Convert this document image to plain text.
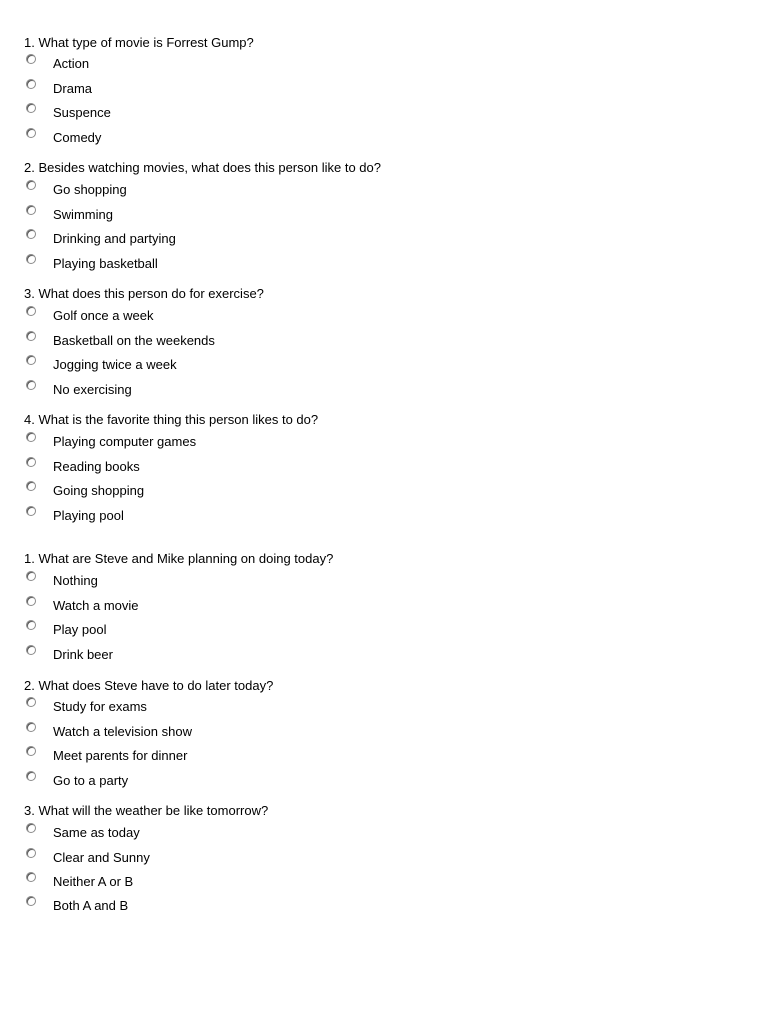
1. What type of movie is Forrest Gump?
Action
Drama
Suspence
Comedy
2. Besides watching movies, what does this person like to do?
Go shopping
Swimming
Drinking and partying
Playing basketball
3. What does this person do for exercise?
Golf once a week
Basketball on the weekends
Jogging twice a week
No exercising
4. What is the favorite thing this person likes to do?
Playing computer games
Reading books
Going shopping
Playing pool
1. What are Steve and Mike planning on doing today?
Nothing
Watch a movie
Play pool
Drink beer
2. What does Steve have to do later today?
Study for exams
Watch a television show
Meet parents for dinner
Go to a party
3. What will the weather be like tomorrow?
Same as today
Clear and Sunny
Neither A or B
Both A and B
